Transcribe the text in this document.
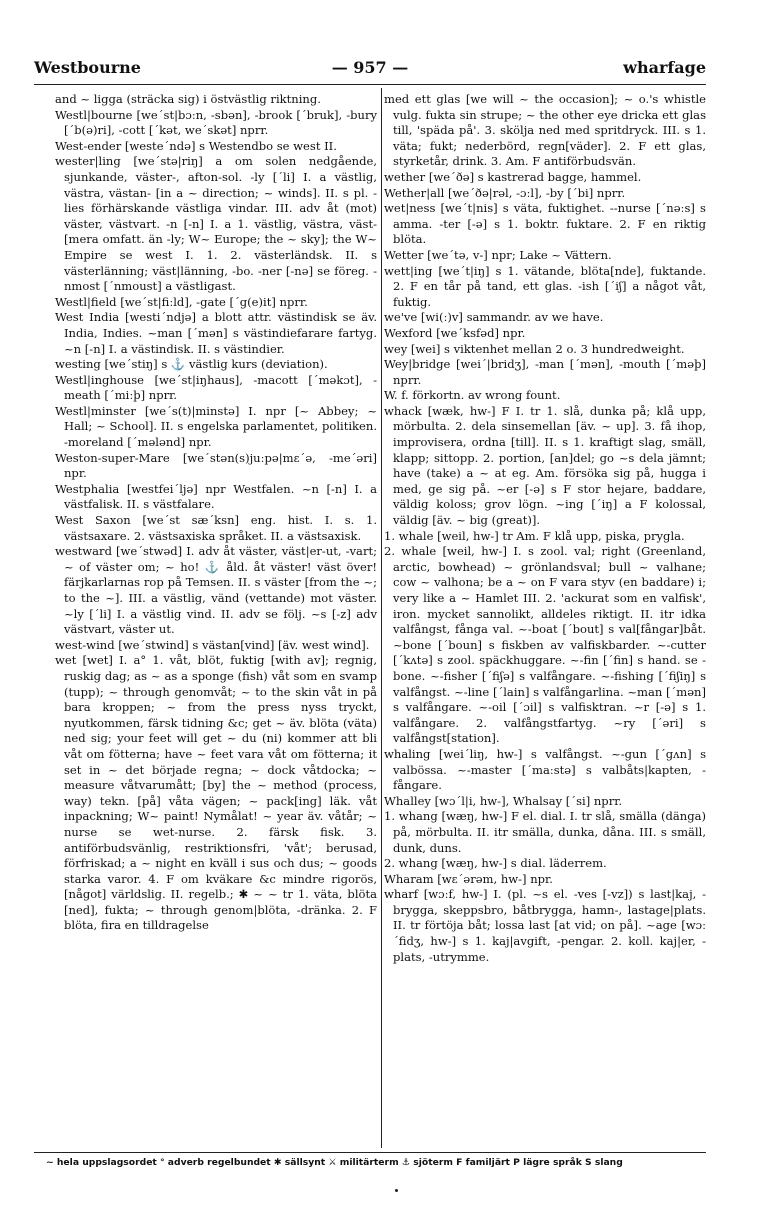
Westbourne	— 957 —	wharfage

and ~ ligga (sträcka sig) i östvästlig riktning.

Westl|bourne [we´st|bɔːn, -sbən], -brook [´bruk], -bury [´b(ə)ri], -cott [´kət, we´skət] nprr.

West-ender [weste´ndə] s Westendbo se west II.

wester|ling [we´stə|riŋ] a om solen nedgående, sjunkande, väster-, afton-sol. -ly [´li] I. a västlig, västra, västan- [in a ~ direction; ~ winds]. II. s pl. -lies förhärskande västliga vindar. III. adv åt (mot) väster, västvart. -n [-n] I. a 1. västlig, västra, väst- [mera omfatt. än -ly; W~ Europe; the ~ sky]; the W~ Empire se west I. 1. 2. västerländsk. II. s västerlänning; väst|länning, -bo. -ner [-nə] se föreg. -nmost [´nmoust] a västligast.

Westl|field [we´st|fiːld], -gate [´g(e)it] nprr.

West India [westi´ndjə] a blott attr. västindisk se äv. India, Indies. ~man [´mən] s västindiefarare fartyg. ~n [-n] I. a västindisk. II. s västindier.

westing [we´stiŋ] s ⚓ västlig kurs (deviation).

Westl|inghouse [we´st|iŋhaus], -macott [´məkɔt], -meath [´miːþ] nprr.

Westl|minster [we´s(t)|minstə] I. npr [~ Abbey; ~ Hall; ~ School]. II. s engelska parlamentet, politiken. -moreland [´mələnd] npr.

Weston-super-Mare [we´stən(s)juːpə|mɛ´ə, -me´əri] npr.

Westphalia [westfei´ljə] npr Westfalen. ~n [-n] I. a västfalisk. II. s västfalare.

West Saxon [we´st sæ´ksn] eng. hist. I. s. 1. västsaxare. 2. västsaxiska språket. II. a västsaxisk.

westward [we´stwəd] I. adv åt väster, väst|er-ut, -vart; ~ of väster om; ~ ho! ⚓ åld. åt väster! väst över! färjkarlarnas rop på Temsen. II. s väster [from the ~; to the ~]. III. a västlig, vänd (vettande) mot väster. ~ly [´li] I. a västlig vind. II. adv se följ. ~s [-z] adv västvart, väster ut.

west-wind [we´stwind] s västan[vind] [äv. west wind].

wet [wet] I. a° 1. våt, blöt, fuktig [with av]; regnig, ruskig dag; as ~ as a sponge (fish) våt som en svamp (tupp); ~ through genomvåt; ~ to the skin våt in på bara kroppen; ~ from the press nyss tryckt, nyutkommen, färsk tidning &c; get ~ äv. blöta (väta) ned sig; your feet will get ~ du (ni) kommer att bli våt om fötterna; have ~ feet vara våt om fötterna; it set in ~ det började regna; ~ dock våtdocka; ~ measure våtvarumått; [by] the ~ method (process, way) tekn. [på] våta vägen; ~ pack[ing] läk. våt inpackning; W~ paint! Nymålat! ~ year äv. våtår; ~ nurse se wet-nurse. 2. färsk fisk. 3. antiförbudsvänlig, restriktionsfri, 'våt'; berusad, förfriskad; a ~ night en kväll i sus och dus; ~ goods starka varor. 4. F om kväkare &c mindre rigorös, [något] världslig. II. regelb.; ✱ ~ ~ tr 1. väta, blöta [ned], fukta; ~ through genom|blöta, -dränka. 2. F blöta, fira en tilldragelse

med ett glas [we will ~ the occasion]; ~ o.'s whistle vulg. fukta sin strupe; ~ the other eye dricka ett glas till, 'späda på'. 3. skölja ned med spritdryck. III. s 1. väta; fukt; nederbörd, regn[väder]. 2. F ett glas, styrketår, drink. 3. Am. F antiförbudsvän.

wether [we´ðə] s kastrerad bagge, hammel.

Wether|all [we´ðə|rəl, -ɔːl], -by [´bi] nprr.

wet|ness [we´t|nis] s väta, fuktighet. --nurse [´nəːs] s amma. -ter [-ə] s 1. boktr. fuktare. 2. F en riktig blöta.

Wetter [we´tə, v-] npr; Lake ~ Vättern.

wett|ing [we´t|iŋ] s 1. vätande, blöta[nde], fuktande. 2. F en tår på tand, ett glas. -ish [´iʃ] a något våt, fuktig.

we've [wi(ː)v] sammandr. av we have.

Wexford [we´ksfəd] npr.

wey [wei] s viktenhet mellan 2 o. 3 hundredweight.

Wey|bridge [wei´|bridʒ], -man [´mən], -mouth [´məþ] nprr.

W. f. förkortn. av wrong fount.

whack [wæk, hw-] F I. tr 1. slå, dunka på; klå upp, mörbulta. 2. dela sinsemellan [äv. ~ up]. 3. få ihop, improvisera, ordna [till]. II. s 1. kraftigt slag, smäll, klapp; sittopp. 2. portion, [an]del; go ~s dela jämnt; have (take) a ~ at eg. Am. försöka sig på, hugga i med, ge sig på. ~er [-ə] s F stor hejare, baddare, väldig koloss; grov lögn. ~ing [´iŋ] a F kolossal, väldig [äv. ~ big (great)].

1. whale [weil, hw-] tr Am. F klå upp, piska, prygla.

2. whale [weil, hw-] I. s zool. val; right (Greenland, arctic, bowhead) ~ grönlandsval; bull ~ valhane; cow ~ valhona; be a ~ on F vara styv (en baddare) i; very like a ~ Hamlet III. 2. 'ackurat som en valfisk', iron. mycket sannolikt, alldeles riktigt. II. itr idka valfångst, fånga val. ~-boat [´bout] s val[fångar]båt. ~bone [´boun] s fiskben av valfiskbarder. ~-cutter [´kʌtə] s zool. späckhuggare. ~-fin [´fin] s hand. se -bone. ~-fisher [´fiʃə] s valfångare. ~-fishing [´fiʃiŋ] s valfångst. ~-line [´lain] s valfångarlina. ~man [´mən] s valfångare. ~-oil [´ɔil] s valfisktran. ~r [-ə] s 1. valfångare. 2. valfångstfartyg. ~ry [´əri] s valfångst[station].

whaling [wei´liŋ, hw-] s valfångst. ~-gun [´gʌn] s valbössa. ~-master [´maːstə] s valbåts|kapten, -fångare.

Whalley [wɔ´l|i, hw-], Whalsay [´si] nprr.

1. whang [wæŋ, hw-] F el. dial. I. tr slå, smälla (dänga) på, mörbulta. II. itr smälla, dunka, dåna. III. s smäll, dunk, duns.

2. whang [wæŋ, hw-] s dial. läderrem.

Wharam [wɛ´ərəm, hw-] npr.

wharf [wɔːf, hw-] I. (pl. ~s el. -ves [-vz]) s last|kaj, -brygga, skeppsbro, båtbrygga, hamn-, lastage|plats. II. tr förtöja båt; lossa last [at vid; on på]. ~age [wɔː´fidʒ, hw-] s 1. kaj|avgift, -pengar. 2. koll. kaj|er, -plats, -utrymme.

~ hela uppslagsordet ° adverb regelbundet ✱ sällsynt ⚔ militärterm ⚓ sjöterm F familjärt P lägre språk S slang
